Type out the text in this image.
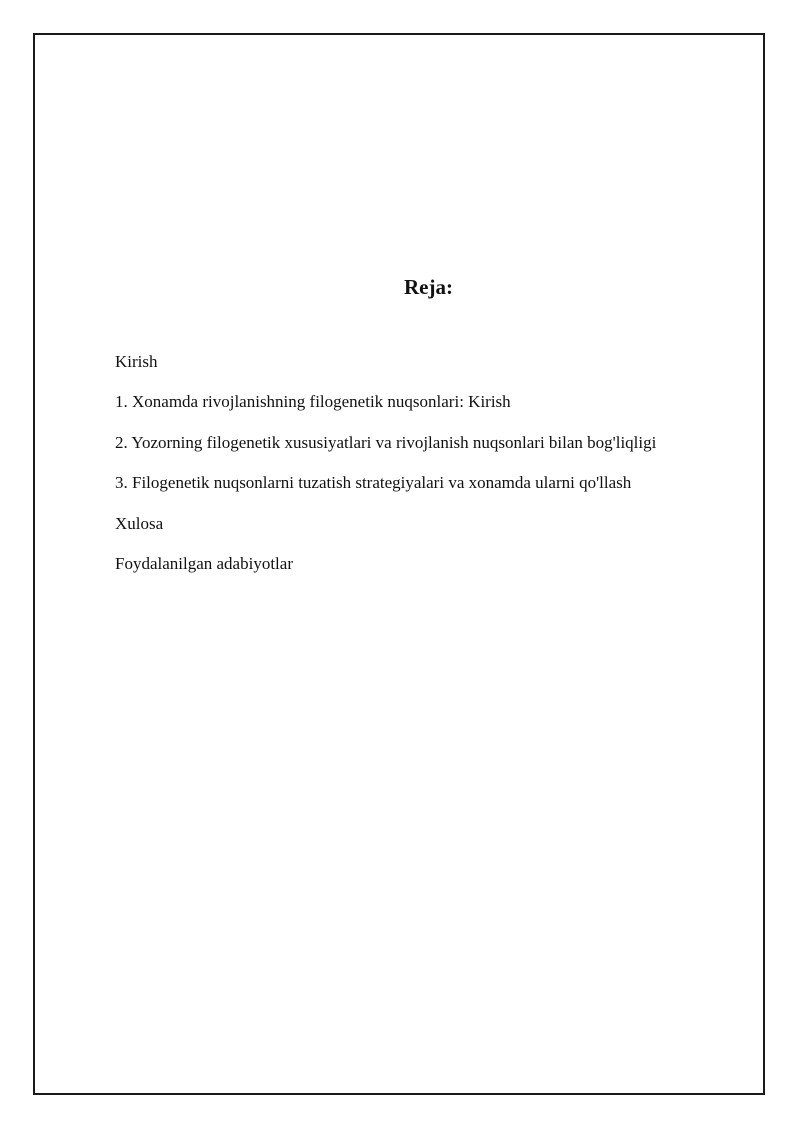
Reja:
Kirish
1. Xonamda rivojlanishning filogenetik nuqsonlari: Kirish
2. Yozorning filogenetik xususiyatlari va rivojlanish nuqsonlari bilan bog'liqligi
3. Filogenetik nuqsonlarni tuzatish strategiyalari va xonamda ularni qo'llash
Xulosa
Foydalanilgan adabiyotlar
